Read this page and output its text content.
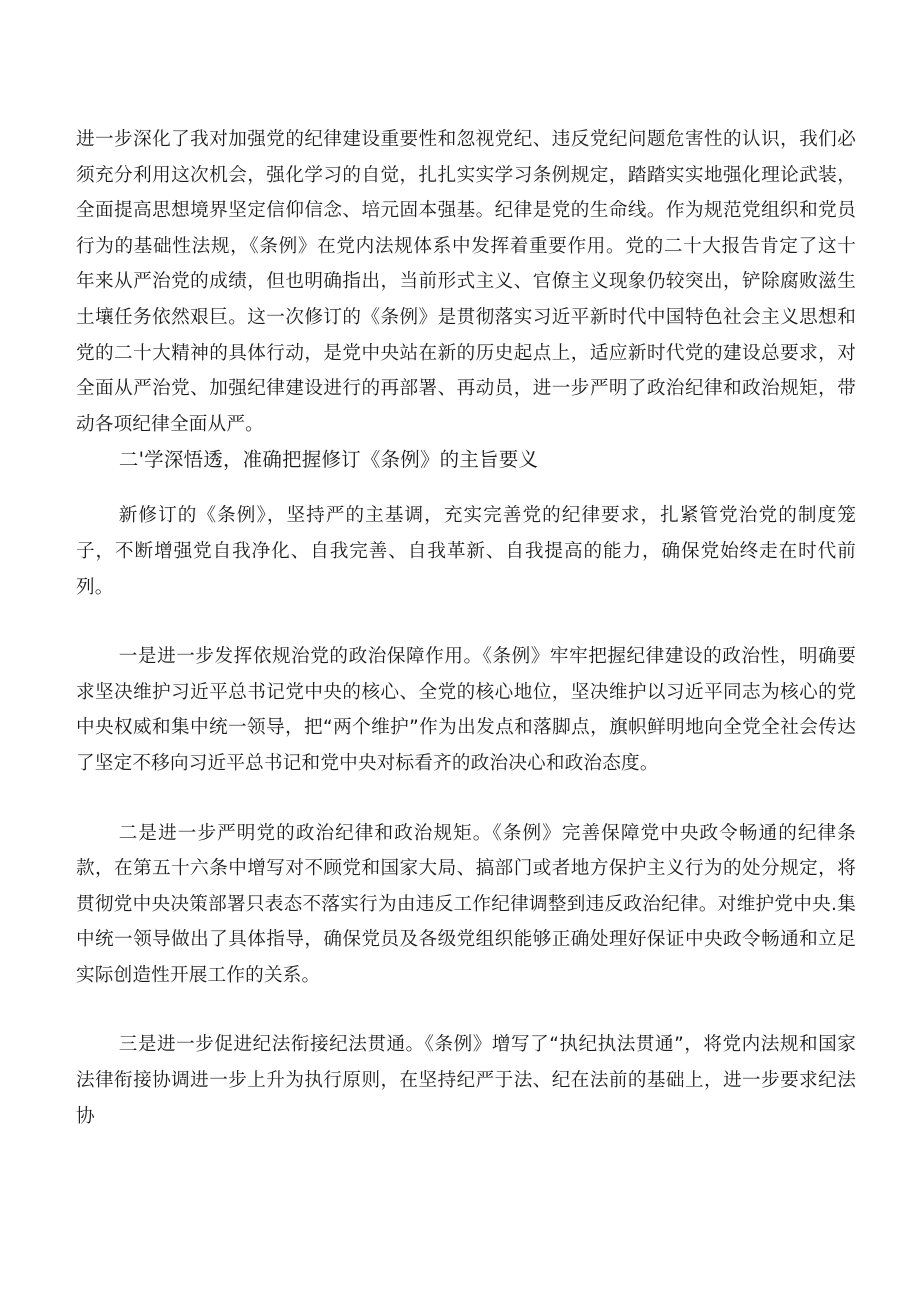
进一步深化了我对加强党的纪律建设重要性和忽视党纪、违反党纪问题危害性的认识，我们必须充分利用这次机会，强化学习的自觉，扎扎实实学习条例规定，踏踏实实地强化理论武装，全面提高思想境界坚定信仰信念、培元固本强基。纪律是党的生命线。作为规范党组织和党员行为的基础性法规，《条例》在党内法规体系中发挥着重要作用。党的二十大报告肯定了这十年来从严治党的成绩，但也明确指出，当前形式主义、官僚主义现象仍较突出，铲除腐败滋生土壤任务依然艰巨。这一次修订的《条例》是贯彻落实习近平新时代中国特色社会主义思想和党的二十大精神的具体行动，是党中央站在新的历史起点上，适应新时代党的建设总要求，对全面从严治党、加强纪律建设进行的再部署、再动员，进一步严明了政治纪律和政治规矩，带动各项纪律全面从严。

二'学深悟透，准确把握修订《条例》的主旨要义

新修订的《条例》，坚持严的主基调，充实完善党的纪律要求，扎紧管党治党的制度笼子，不断增强党自我净化、自我完善、自我革新、自我提高的能力，确保党始终走在时代前列。

一是进一步发挥依规治党的政治保障作用。《条例》牢牢把握纪律建设的政治性，明确要求坚决维护习近平总书记党中央的核心、全党的核心地位，坚决维护以习近平同志为核心的党中央权威和集中统一领导，把“两个维护”作为出发点和落脚点，旗帜鲜明地向全党全社会传达了坚定不移向习近平总书记和党中央对标看齐的政治决心和政治态度。

二是进一步严明党的政治纪律和政治规矩。《条例》完善保障党中央政令畅通的纪律条款，在第五十六条中增写对不顾党和国家大局、搞部门或者地方保护主义行为的处分规定，将贯彻党中央决策部署只表态不落实行为由违反工作纪律调整到违反政治纪律。对维护党中央.集中统一领导做出了具体指导，确保党员及各级党组织能够正确处理好保证中央政令畅通和立足实际创造性开展工作的关系。

三是进一步促进纪法衔接纪法贯通。《条例》增写了“执纪执法贯通”，将党内法规和国家法律衔接协调进一步上升为执行原则，在坚持纪严于法、纪在法前的基础上，进一步要求纪法协
